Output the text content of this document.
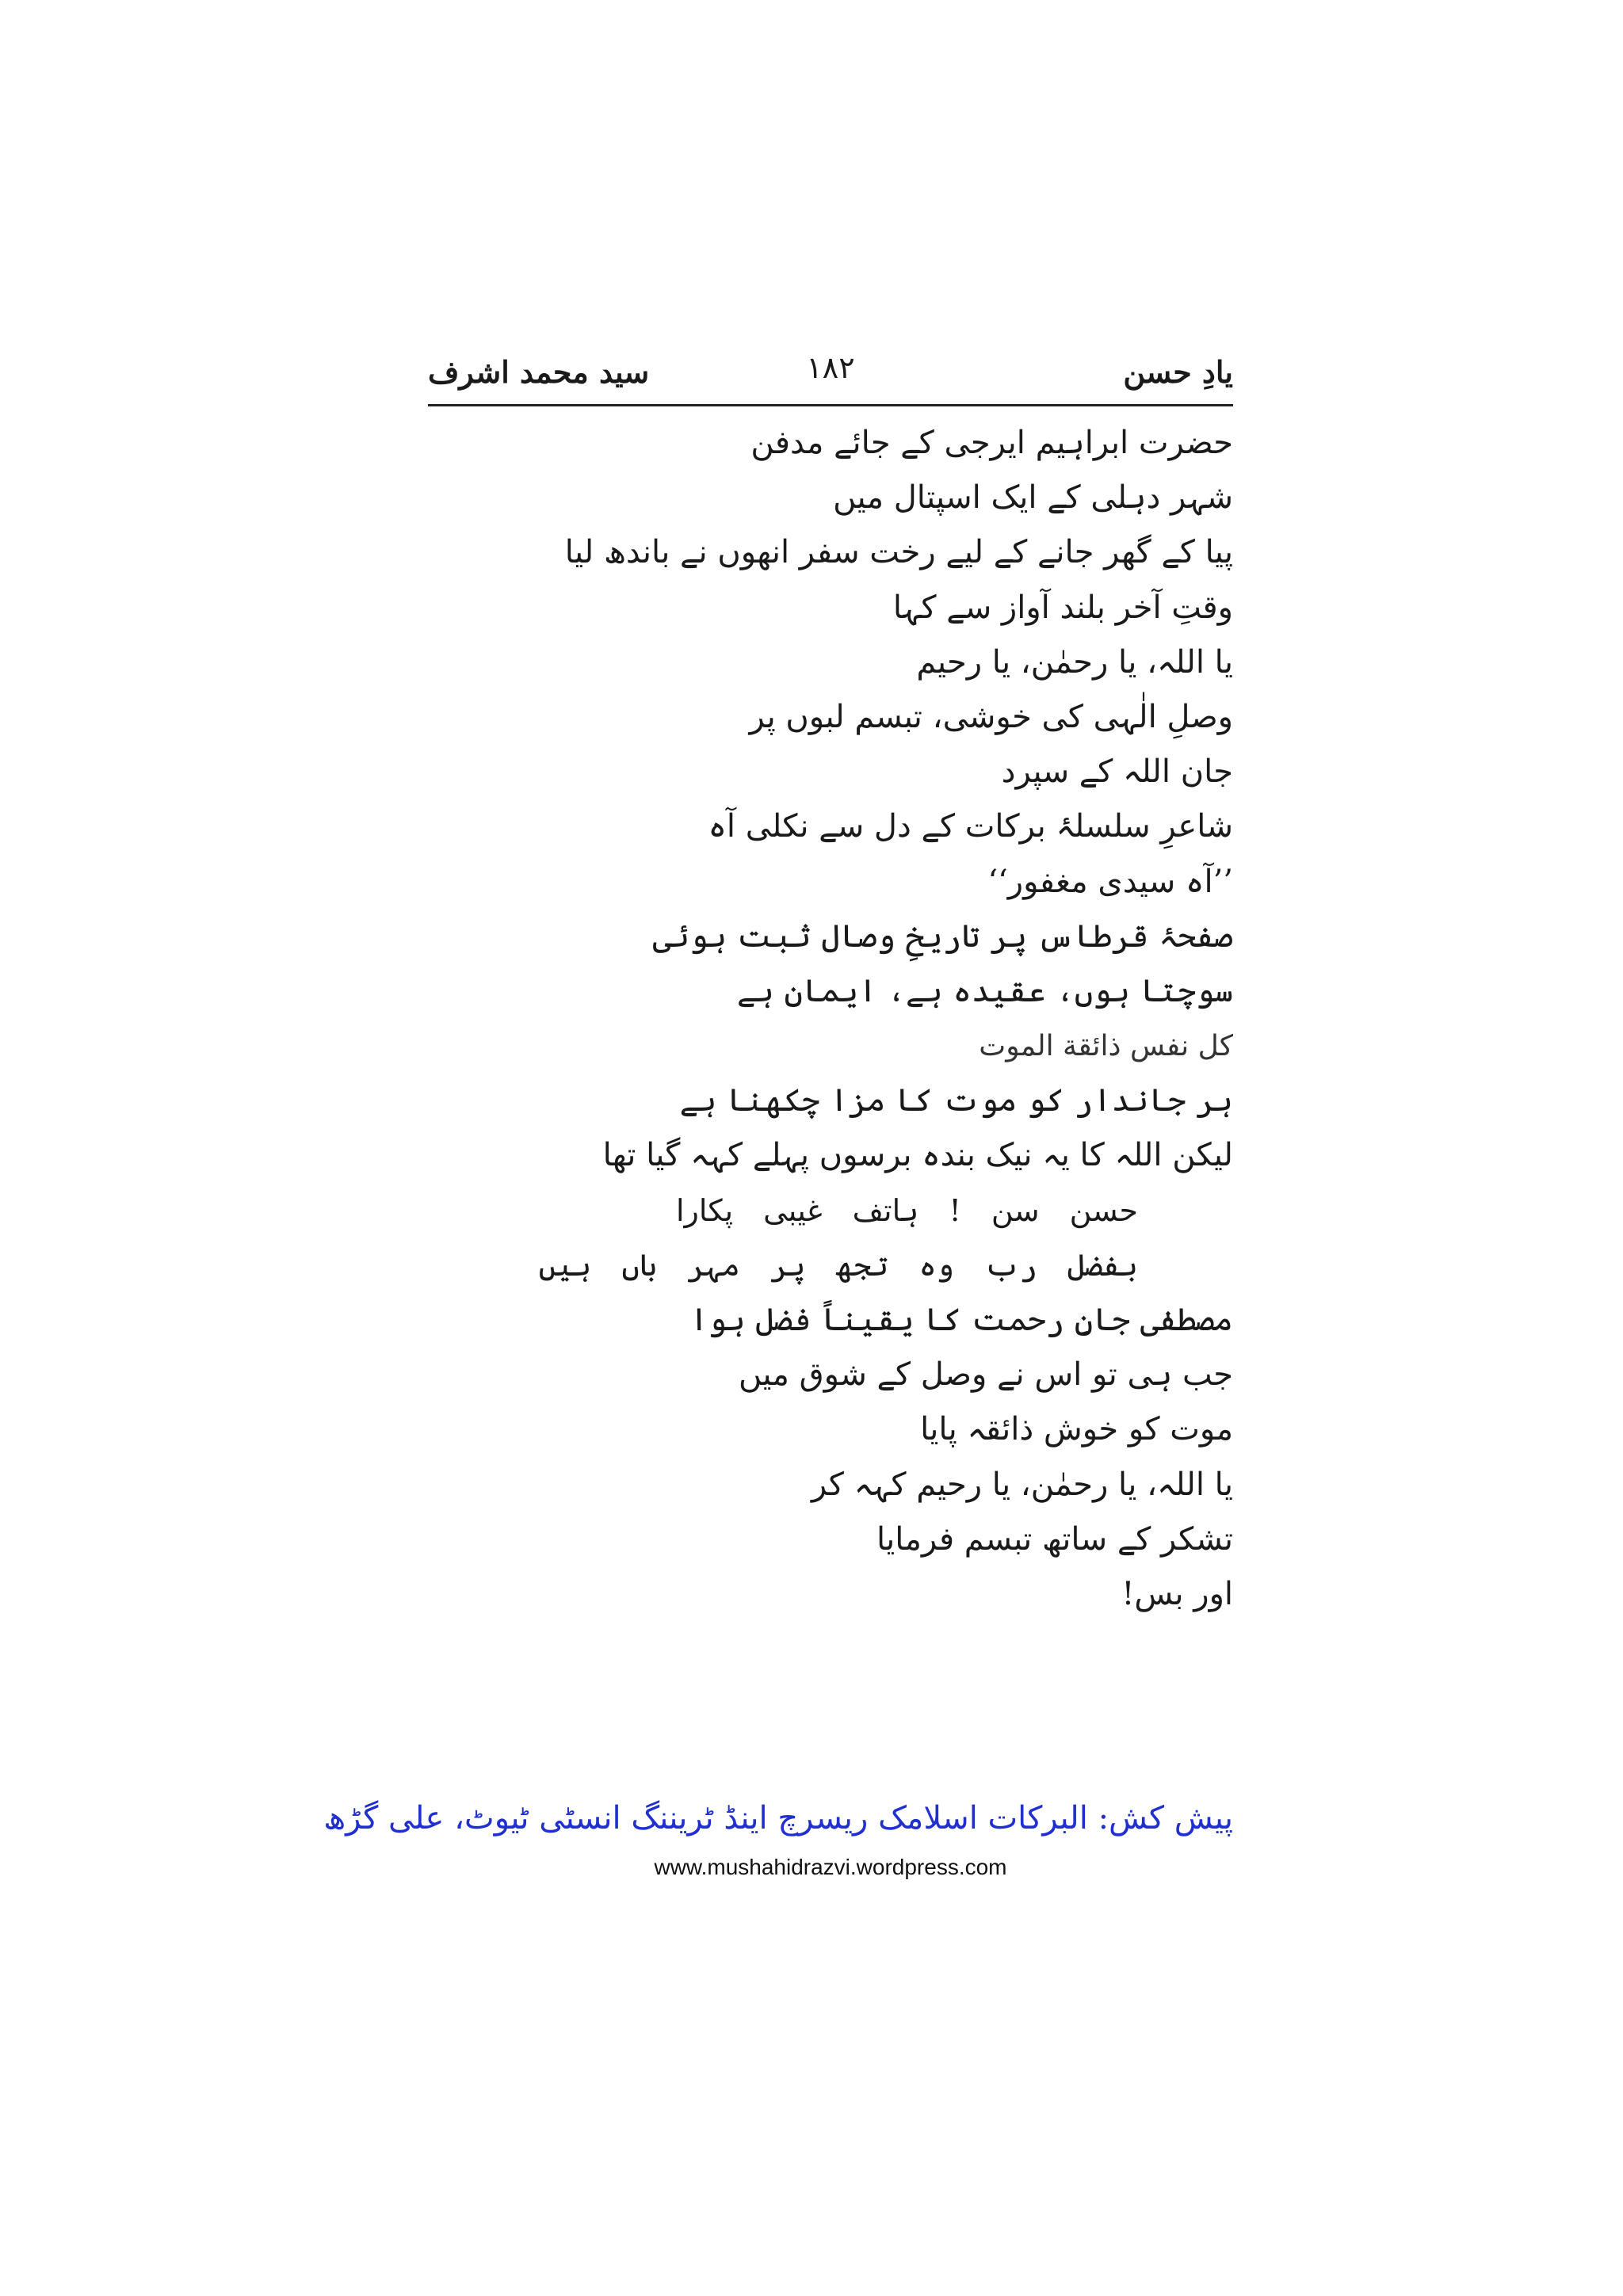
یادِ حسن
۱۸۲
سید محمد اشرف
حضرت ابراہیم ایرجی کے جائے مدفن
شہر دہلی کے ایک اسپتال میں
پیا کے گھر جانے کے لیے رخت سفر انھوں نے باندھ لیا
وقتِ آخر بلند آواز سے کہا
یا اللہ، یا رحمٰن، یا رحیم
وصلِ الٰہی کی خوشی، تبسم لبوں پر
جان اللہ کے سپرد
شاعرِ سلسلۂ برکات کے دل سے نکلی آہ
’’آہ سیدی مغفور‘‘
صفحۂ قرطاس پر تاریخِ وصال ثبت ہوئی
سوچتا ہوں، عقیدہ ہے، ایمان ہے
كل نفس ذائقة الموت
ہر جاندار کو موت کا مزا چکھنا ہے
لیکن اللہ کا یہ نیک بندہ برسوں پہلے کہہ گیا تھا
حسن سن ! ہاتف غیبی پکارا
بفضل رب وہ تجھ پر مہر باں ہیں
مصطفٰی جانِ رحمت کا یقیناً فضل ہوا
جب ہی تو اس نے وصل کے شوق میں
موت کو خوش ذائقہ پایا
یا اللہ، یا رحمٰن، یا رحیم کہہ کر
تشکر کے ساتھ تبسم فرمایا
اور بس!
پیش کش: البرکات اسلامک ریسرچ اینڈ ٹریننگ انسٹی ٹیوٹ، علی گڑھ
www.mushahidrazvi.wordpress.com
